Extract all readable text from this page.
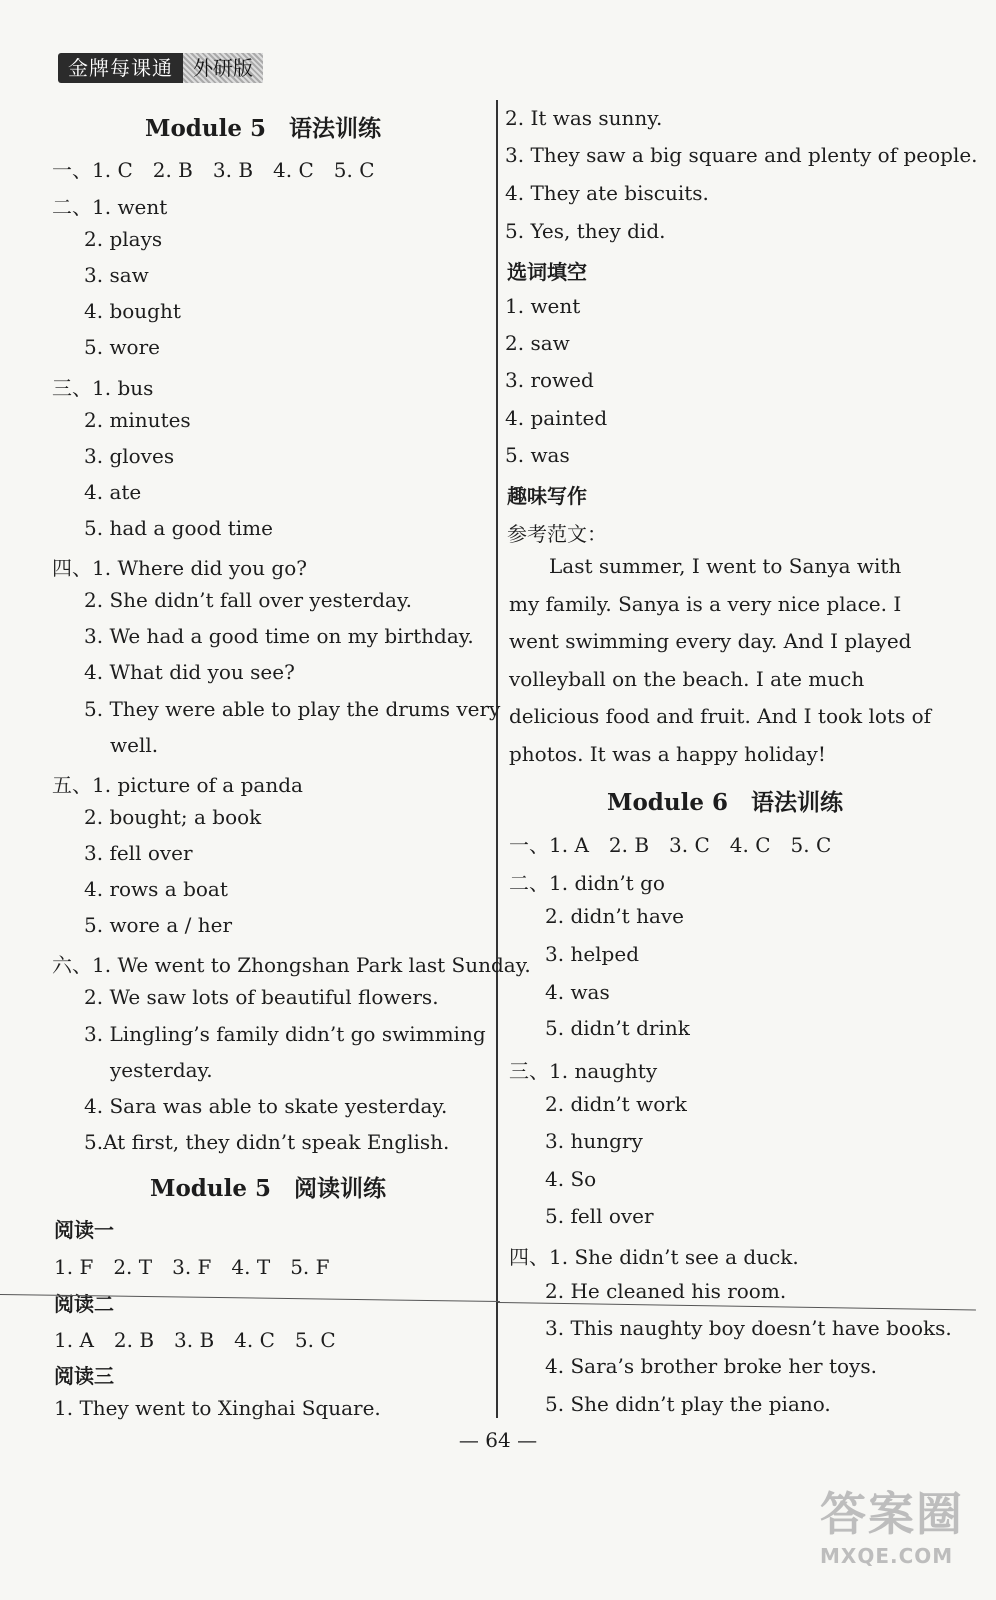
金牌每课通	外研版
Module 5　语法训练
一、1. C　2. B　3. B　4. C　5. C
二、1. went
2. plays
3. saw
4. bought
5. wore
三、1. bus
2. minutes
3. gloves
4. ate
5. had a good time
四、1. Where did you go?
2. She didn’t fall over yesterday.
3. We had a good time on my birthday.
4. What did you see?
5. They were able to play the drums very
well.
五、1. picture of a panda
2. bought; a book
3. fell over
4. rows a boat
5. wore a / her
六、1. We went to Zhongshan Park last Sunday.
2. We saw lots of beautiful flowers.
3. Lingling’s family didn’t go swimming
yesterday.
4. Sara was able to skate yesterday.
5.At first, they didn’t speak English.
Module 5　阅读训练
阅读一
1. F　2. T　3. F　4. T　5. F
阅读二
1. A　2. B　3. B　4. C　5. C
阅读三
1. They went to Xinghai Square.
2. It was sunny.
3. They saw a big square and plenty of people.
4. They ate biscuits.
5. Yes, they did.
选词填空
1. went
2. saw
3. rowed
4. painted
5. was
趣味写作
参考范文：
　　Last summer, I went to Sanya with
my family. Sanya is a very nice place. I
went swimming every day. And I played
volleyball on the beach. I ate much
delicious food and fruit. And I took lots of
photos. It was a happy holiday!
Module 6　语法训练
一、1. A　2. B　3. C　4. C　5. C
二、1. didn’t go
2. didn’t have
3. helped
4. was
5. didn’t drink
三、1. naughty
2. didn’t work
3. hungry
4. So
5. fell over
四、1. She didn’t see a duck.
2. He cleaned his room.
3. This naughty boy doesn’t have books.
4. Sara’s brother broke her toys.
5. She didn’t play the piano.
— 64 —
答案圈
MXQE.COM
